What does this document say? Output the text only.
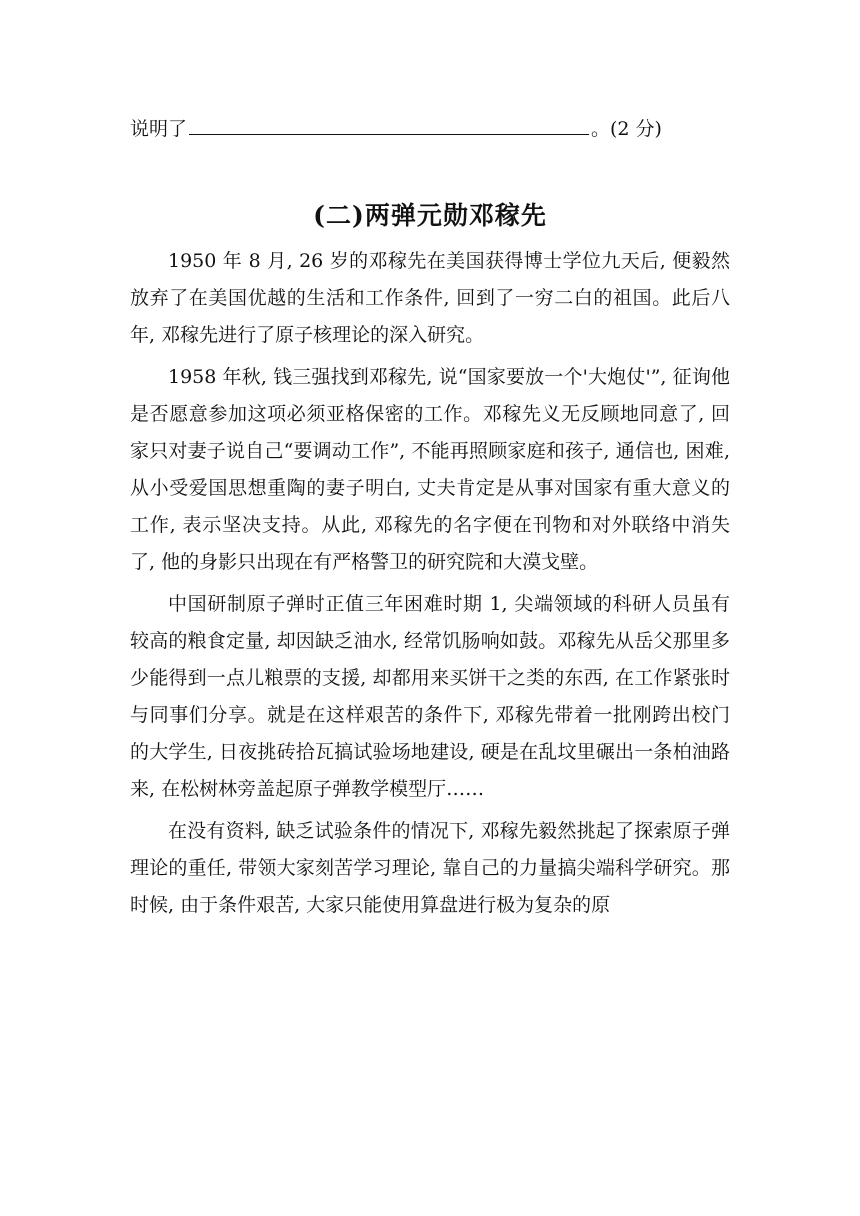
说明了	。(2 分)
(二)两弹元勋邓稼先

1950 年 8 月, 26 岁的邓稼先在美国获得博士学位九天后, 便毅然放弃了在美国优越的生活和工作条件, 回到了一穷二白的祖国。此后八年, 邓稼先进行了原子核理论的深入研究。

1958 年秋, 钱三强找到邓稼先, 说“国家要放一个'大炮仗'”, 征询他是否愿意参加这项必须亚格保密的工作。邓稼先义无反顾地同意了, 回家只对妻子说自己“要调动工作”, 不能再照顾家庭和孩子, 通信也, 困难, 从小受爱国思想重陶的妻子明白, 丈夫肯定是从事对国家有重大意义的工作, 表示坚决支持。从此, 邓稼先的名字便在刊物和对外联络中消失了, 他的身影只出现在有严格警卫的研究院和大漠戈壁。

中国研制原子弹时正值三年困难时期 1, 尖端领域的科研人员虽有较高的粮食定量, 却因缺乏油水, 经常饥肠响如鼓。邓稼先从岳父那里多少能得到一点儿粮票的支援, 却都用来买饼干之类的东西, 在工作紧张时与同事们分享。就是在这样艰苦的条件下, 邓稼先带着一批刚跨出校门的大学生, 日夜挑砖拾瓦搞试验场地建设, 硬是在乱坟里碾出一条柏油路来, 在松树林旁盖起原子弹教学模型厅……

在没有资料, 缺乏试验条件的情况下, 邓稼先毅然挑起了探索原子弹理论的重任, 带领大家刻苦学习理论, 靠自己的力量搞尖端科学研究。那时候, 由于条件艰苦, 大家只能使用算盘进行极为复杂的原
